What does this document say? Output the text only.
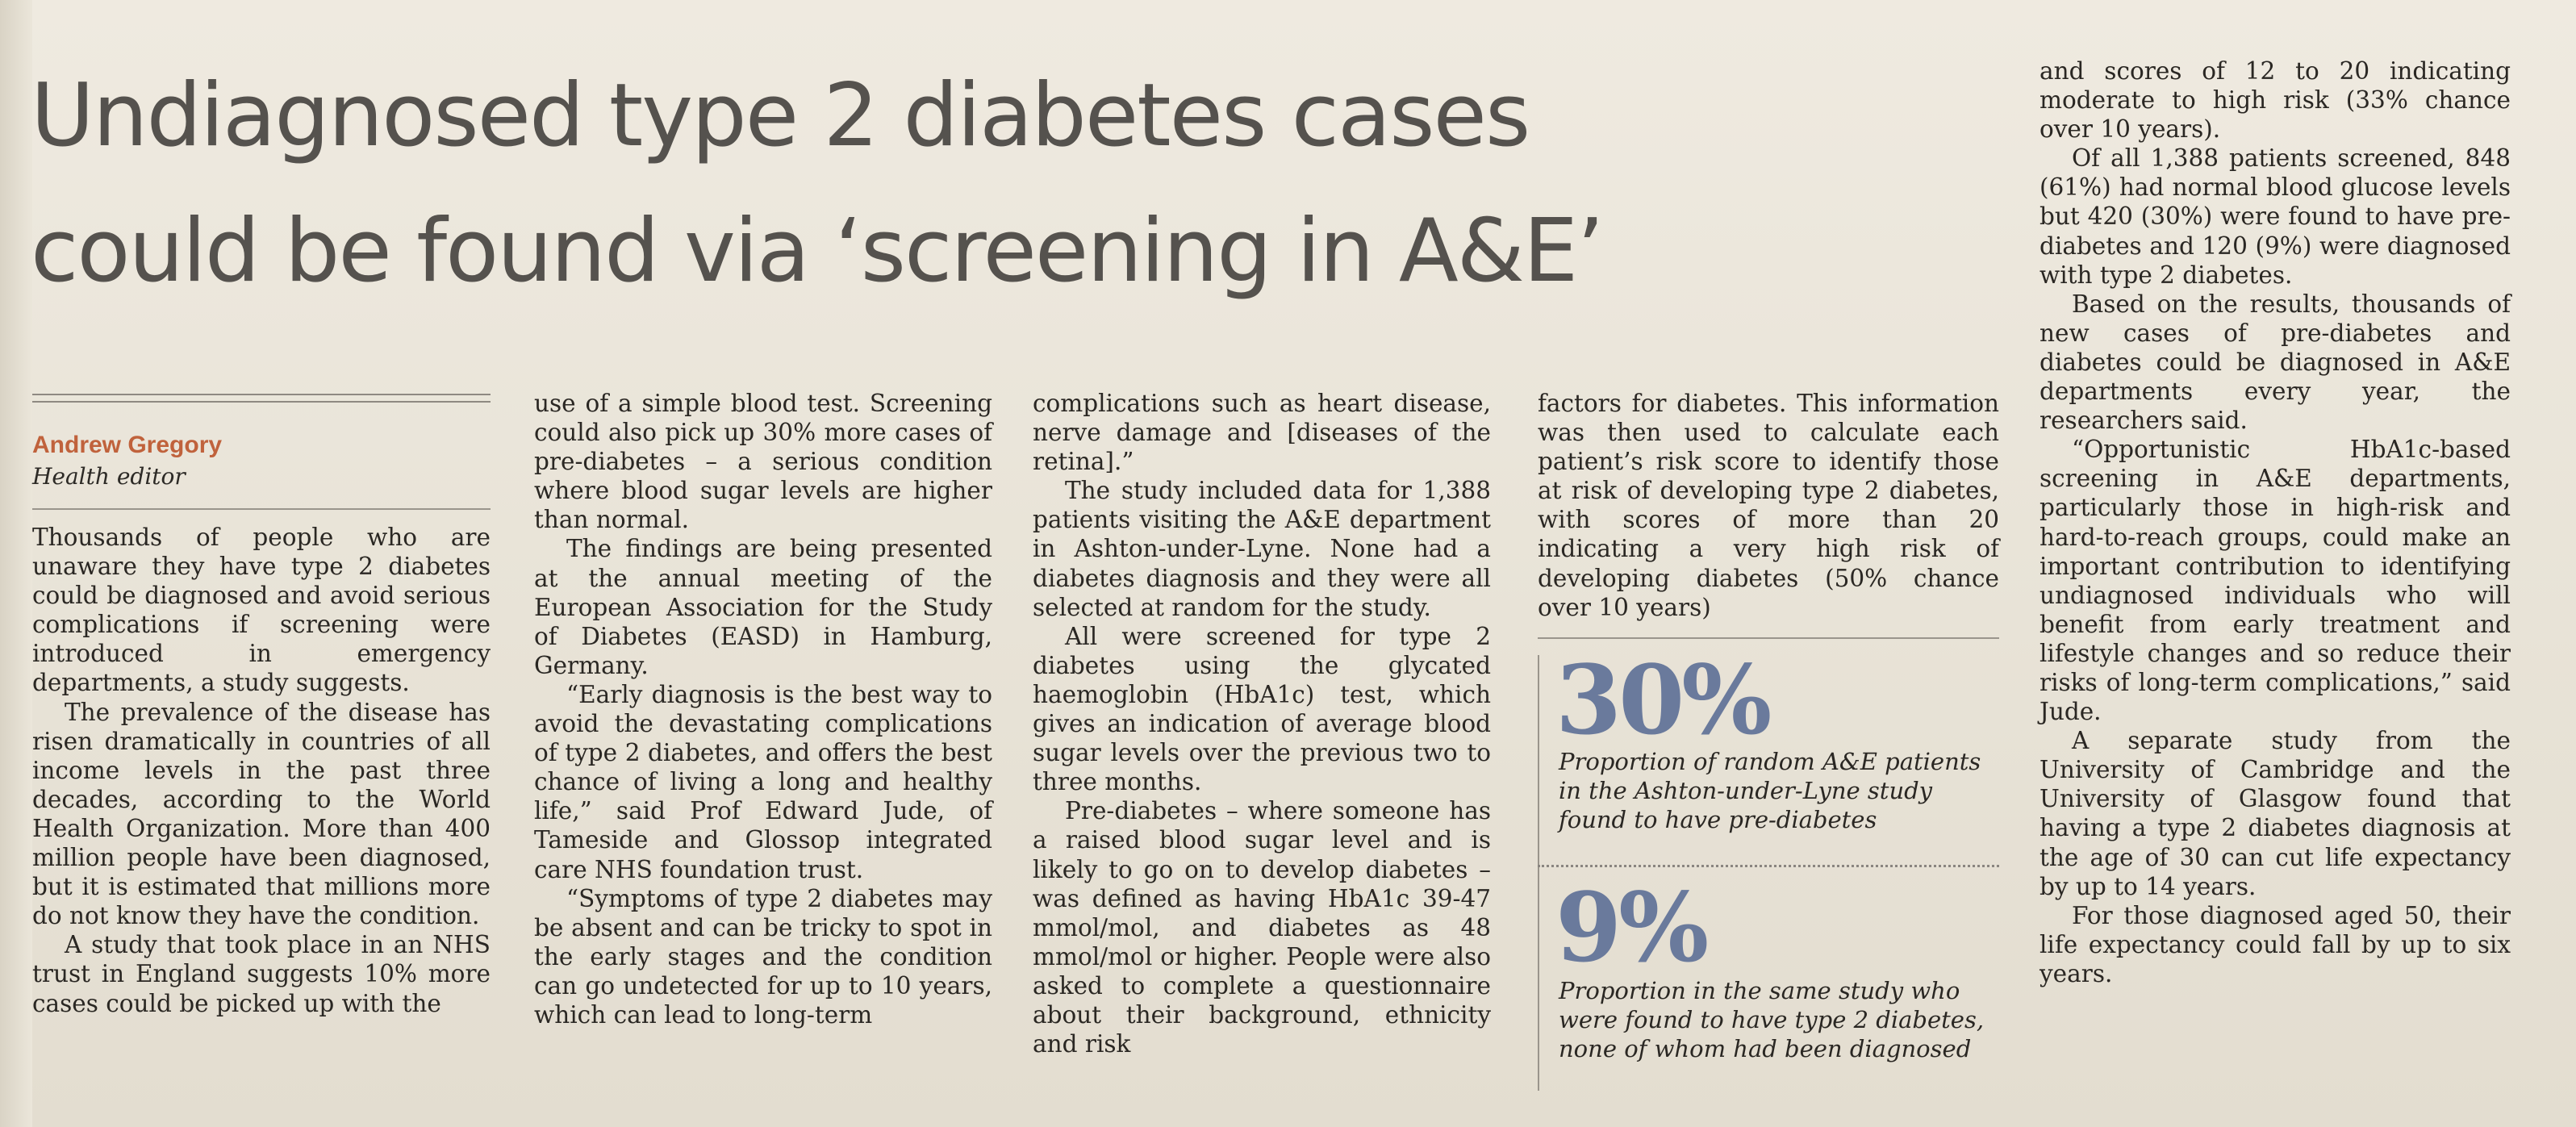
Undiagnosed type 2 diabetes cases
could be found via ‘screening in A&E’

Andrew Gregory

Health editor

Thousands of people who are unaware they have type 2 diabetes could be diagnosed and avoid serious complications if screening were introduced in emergency departments, a study suggests.

The prevalence of the disease has risen dramatically in countries of all income levels in the past three decades, according to the World Health Organization. More than 400 million people have been diagnosed, but it is estimated that millions more do not know they have the condition.

A study that took place in an NHS trust in England suggests 10% more cases could be picked up with the

use of a simple blood test. Screening could also pick up 30% more cases of pre-diabetes – a serious condition where blood sugar levels are higher than normal.

The findings are being presented at the annual meeting of the European Association for the Study of Diabetes (EASD) in Hamburg, Germany.

“Early diagnosis is the best way to avoid the devastating complications of type 2 diabetes, and offers the best chance of living a long and healthy life,” said Prof Edward Jude, of Tameside and Glossop integrated care NHS foundation trust.

“Symptoms of type 2 diabetes may be absent and can be tricky to spot in the early stages and the condition can go undetected for up to 10 years, which can lead to long-term

complications such as heart disease, nerve damage and [diseases of the retina].”

The study included data for 1,388 patients visiting the A&E department in Ashton-under-Lyne. None had a diabetes diagnosis and they were all selected at random for the study.

All were screened for type 2 diabetes using the glycated haemoglobin (HbA1c) test, which gives an indication of average blood sugar levels over the previous two to three months.

Pre-diabetes – where someone has a raised blood sugar level and is likely to go on to develop diabetes – was defined as having HbA1c 39-47 mmol/mol, and diabetes as 48 mmol/mol or higher. People were also asked to complete a questionnaire about their background, ethnicity and risk

factors for diabetes. This information was then used to calculate each patient’s risk score to identify those at risk of developing type 2 diabetes, with scores of more than 20 indicating a very high risk of developing diabetes (50% chance over 10 years)

30%

Proportion of random A&E patients in the Ashton-under-Lyne study found to have pre-diabetes

9%

Proportion in the same study who were found to have type 2 diabetes, none of whom had been diagnosed

and scores of 12 to 20 indicating moderate to high risk (33% chance over 10 years).

Of all 1,388 patients screened, 848 (61%) had normal blood glucose levels but 420 (30%) were found to have pre-diabetes and 120 (9%) were diagnosed with type 2 diabetes.

Based on the results, thousands of new cases of pre-diabetes and diabetes could be diagnosed in A&E departments every year, the researchers said.

“Opportunistic HbA1c-based screening in A&E departments, particularly those in high-risk and hard-to-reach groups, could make an important contribution to identifying undiagnosed individuals who will benefit from early treatment and lifestyle changes and so reduce their risks of long-term complications,” said Jude.

A separate study from the University of Cambridge and the University of Glasgow found that having a type 2 diabetes diagnosis at the age of 30 can cut life expectancy by up to 14 years.

For those diagnosed aged 50, their life expectancy could fall by up to six years.
